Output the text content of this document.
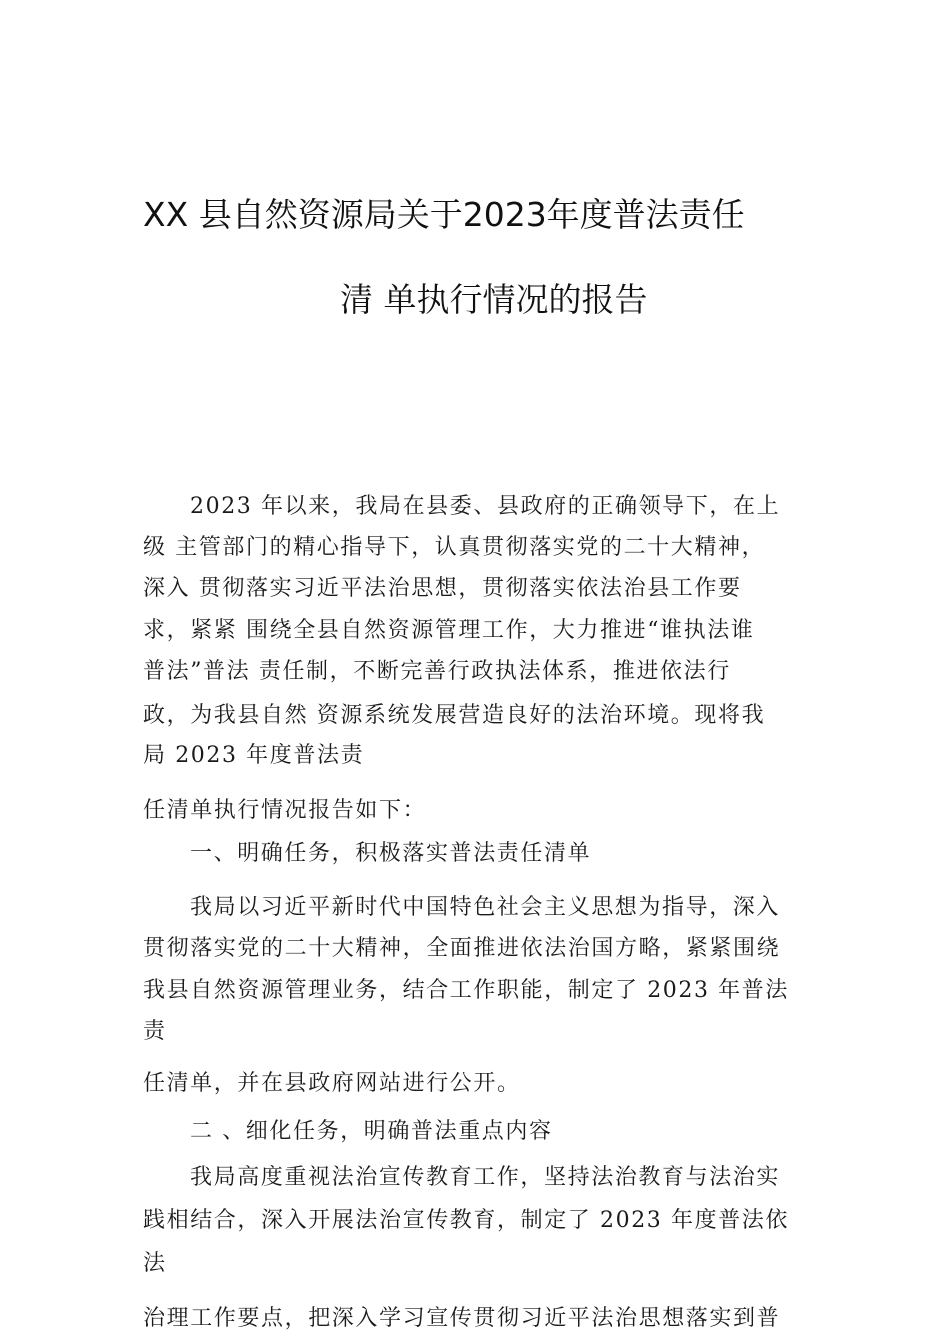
XX 县自然资源局关于2023年度普法责任
清 单执行情况的报告
2023 年以来，我局在县委、县政府的正确领导下，在上
级 主管部门的精心指导下，认真贯彻落实党的二十大精神，
深入 贯彻落实习近平法治思想，贯彻落实依法治县工作要
求，紧紧 围绕全县自然资源管理工作，大力推进“谁执法谁
普法”普法 责任制，不断完善行政执法体系，推进依法行
政，为我县自然 资源系统发展营造良好的法治环境。现将我
局 2023 年度普法责
任清单执行情况报告如下：
一、明确任务，积极落实普法责任清单
我局以习近平新时代中国特色社会主义思想为指导，深入
贯彻落实党的二十大精神，全面推进依法治国方略，紧紧围绕
我县自然资源管理业务，结合工作职能，制定了 2023 年普法
责
任清单，并在县政府网站进行公开。
二 、细化任务，明确普法重点内容
我局高度重视法治宣传教育工作，坚持法治教育与法治实
践相结合，深入开展法治宣传教育，制定了 2023 年度普法依
法
治理工作要点，把深入学习宣传贯彻习近平法治思想落实到普
